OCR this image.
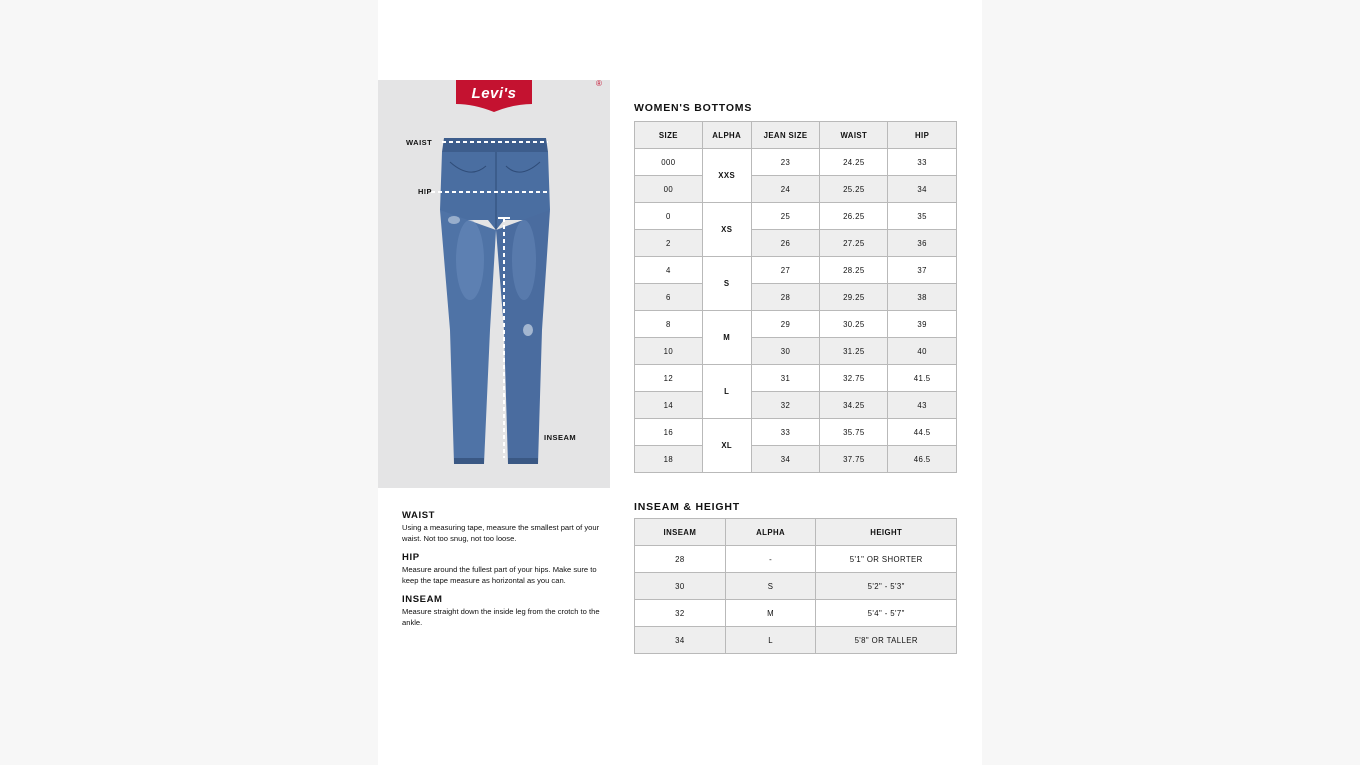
Levi's
®
WAIST
HIP
INSEAM
WAIST

Using a measuring tape, measure the smallest part of your waist. Not too snug, not too loose.

HIP

Measure around the fullest part of your hips. Make sure to keep the tape measure as horizontal as you can.

INSEAM

Measure straight down the inside leg from the crotch to the ankle.

WOMEN'S BOTTOMS
SIZE	ALPHA	JEAN SIZE	WAIST	HIP
000	XXS	23	24.25	33
00		24	25.25	34
0	XS	25	26.25	35
2		26	27.25	36
4	S	27	28.25	37
6		28	29.25	38
8	M	29	30.25	39
10		30	31.25	40
12	L	31	32.75	41.5
14		32	34.25	43
16	XL	33	35.75	44.5
18		34	37.75	46.5
INSEAM & HEIGHT
INSEAM	ALPHA	HEIGHT
28	-	5'1" OR SHORTER
30	S	5'2" - 5'3"
32	M	5'4" - 5'7"
34	L	5'8" OR TALLER
